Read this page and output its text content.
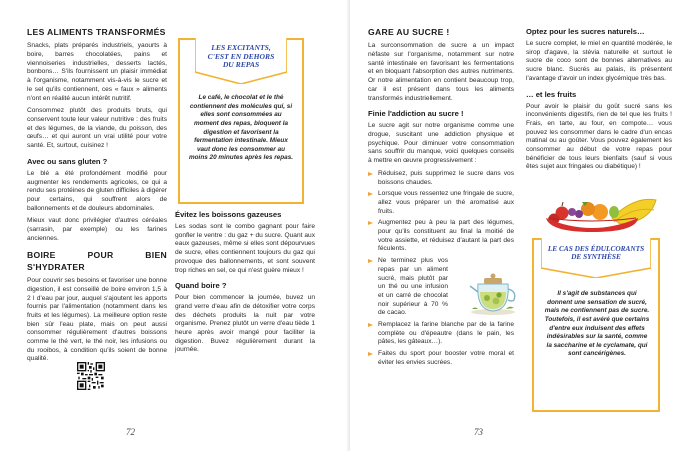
LES ALIMENTS TRANSFORMÉS

Snacks, plats préparés industriels, yaourts à boire, barres chocolatées, pains et viennoiseries industrielles, desserts lactés, bonbons… S'ils fournissent un plaisir immédiat à l'organisme, notamment vis-à-vis le sucre et le sel qu'ils contiennent, ces « faux » aliments n'ont en réalité aucun intérêt nutritif.

Consommez plutôt des produits bruts, qui conservent toute leur valeur nutritive : des fruits et des légumes, de la viande, du poisson, des œufs… et qui auront un vrai utilité pour votre santé. Et, surtout, cuisinez !

Avec ou sans gluten ?

Le blé a été profondément modifié pour augmenter les rendements agricoles, ce qui a rendu ses protéines de gluten difficiles à digérer pour certains, qui souffrent alors de ballonnements et de douleurs abdominales.

Mieux vaut donc privilégier d'autres céréales (sarrasin, par exemple) ou les farines anciennes.

BOIRE POUR BIEN S'HYDRATER

Pour couvrir ses besoins et favoriser une bonne digestion, il est conseillé de boire environ 1,5 à 2 l d'eau par jour, auquel s'ajoutent les apports fournis par l'alimentation (notamment dans les fruits et les légumes). La meilleure option reste bien sûr l'eau plate, mais on peut aussi consommer régulièrement d'autres boissons comme le thé vert, le thé noir, les infusions ou du rooibos, à condition qu'ils soient de bonne qualité.

LES EXCITANTS,
C'EST EN DEHORS
DU REPAS
Le café, le chocolat et le thé contiennent des molécules qui, si elles sont consommées au moment des repas, bloquent la digestion et favorisent la fermentation intestinale. Mieux vaut donc les consommer au moins 20 minutes après les repas.
Évitez les boissons gazeuses

Les sodas sont le combo gagnant pour faire gonfler le ventre : du gaz + du sucre. Quant aux eaux gazeuses, même si elles sont dépourvues de sucre, elles contiennent toujours du gaz qui provoque des ballonnements, et sont souvent trop riches en sel, ce qui n'est guère mieux !

Quand boire ?

Pour bien commencer la journée, buvez un grand verre d'eau afin de détoxifier votre corps des déchets produits la nuit par votre organisme. Prenez plutôt un verre d'eau tiède 1 heure après avoir mangé pour faciliter la digestion. Buvez régulièrement durant la journée.

72
GARE AU SUCRE !

La surconsommation de sucre a un impact néfaste sur l'organisme, notamment sur notre santé intestinale en favorisant les fermentations et en bloquant l'absorption des autres nutriments. Or notre alimentation en contient beaucoup trop, car il est présent dans tous les aliments transformés industriellement.

Finie l'addiction au sucre !

Le sucre agit sur notre organisme comme une drogue, suscitant une addiction physique et psychique. Pour diminuer votre consommation sans souffrir du manque, voici quelques conseils à mettre en œuvre progressivement :

Réduisez, puis supprimez le sucre dans vos boissons chaudes.
Lorsque vous ressentez une fringale de sucre, allez vous préparer un thé aromatisé aux fruits.
Augmentez peu à peu la part des légumes, pour qu'ils constituent au final la moitié de votre assiette, et réduisez d'autant la part des féculents.
Ne terminez plus vos repas par un aliment sucré, mais plutôt par un thé ou une infusion et un carré de chocolat noir supérieur à 70 % de cacao.
Remplacez la farine blanche par de la farine complète ou d'épeautre (dans le pain, les pâtes, les gâteaux…).
Faites du sport pour booster votre moral et éviter les envies sucrées.
Optez pour les sucres naturels…

Le sucre complet, le miel en quantité modérée, le sirop d'agave, la stévia naturelle et surtout le sucre de coco sont de bonnes alternatives au sucre blanc. Sucrés au palais, ils présentent l'avantage d'avoir un index glycémique très bas.

… et les fruits

Pour avoir le plaisir du goût sucré sans les inconvénients digestifs, rien de tel que les fruits ! Frais, en tarte, au four, en compote… vous pouvez les consommer dans le cadre d'un encas matinal ou au goûter. Vous pouvez également les consommer au début de votre repas pour bénéficier de tous leurs bienfaits (sauf si vous êtes sujet aux fringales ou diabétique) !

LE CAS DES ÉDULCORANTS
DE SYNTHÈSE
Il s'agit de substances qui donnent une sensation de sucré, mais ne contiennent pas de sucre. Toutefois, il est avéré que certains d'entre eux induisent des effets indésirables sur la santé, comme la saccharine et le cyclamate, qui sont cancérigènes.
73
